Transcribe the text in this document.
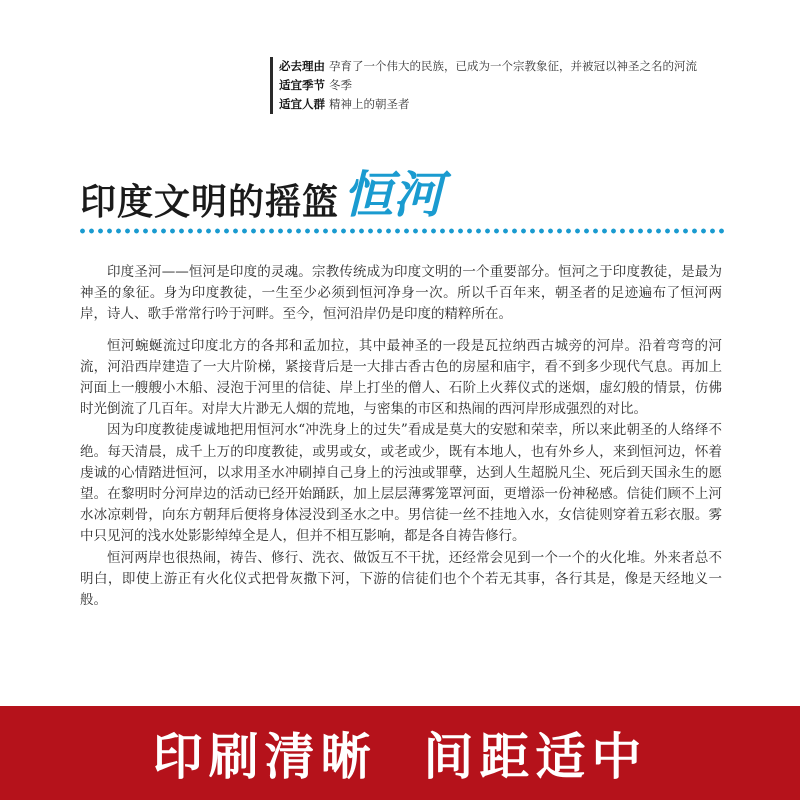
必去理由 孕育了一个伟大的民族，已成为一个宗教象征，并被冠以神圣之名的河流
适宜季节 冬季
适宜人群 精神上的朝圣者
印度文明的摇篮 恒河

印度圣河——恒河是印度的灵魂。宗教传统成为印度文明的一个重要部分。恒河之于印度教徒，是最为神圣的象征。身为印度教徒，一生至少必须到恒河净身一次。所以千百年来，朝圣者的足迹遍布了恒河两岸，诗人、歌手常常行吟于河畔。至今，恒河沿岸仍是印度的精粹所在。

恒河蜿蜒流过印度北方的各邦和孟加拉，其中最神圣的一段是瓦拉纳西古城旁的河岸。沿着弯弯的河流，河沿西岸建造了一大片阶梯，紧接背后是一大排古香古色的房屋和庙宇，看不到多少现代气息。再加上河面上一艘艘小木船、浸泡于河里的信徒、岸上打坐的僧人、石阶上火葬仪式的迷烟，虚幻般的情景，仿佛时光倒流了几百年。对岸大片渺无人烟的荒地，与密集的市区和热闹的西河岸形成强烈的对比。

因为印度教徒虔诚地把用恒河水“冲洗身上的过失”看成是莫大的安慰和荣幸，所以来此朝圣的人络绎不绝。每天清晨，成千上万的印度教徒，或男或女，或老或少，既有本地人，也有外乡人，来到恒河边，怀着虔诚的心情踏进恒河，以求用圣水冲刷掉自己身上的污浊或罪孽，达到人生超脱凡尘、死后到天国永生的愿望。在黎明时分河岸边的活动已经开始踊跃，加上层层薄雾笼罩河面，更增添一份神秘感。信徒们顾不上河水冰凉刺骨，向东方朝拜后便将身体浸没到圣水之中。男信徒一丝不挂地入水，女信徒则穿着五彩衣服。雾中只见河的浅水处影影绰绰全是人，但并不相互影响，都是各自祷告修行。

恒河两岸也很热闹，祷告、修行、洗衣、做饭互不干扰，还经常会见到一个一个的火化堆。外来者总不明白，即使上游正有火化仪式把骨灰撒下河，下游的信徒们也个个若无其事，各行其是，像是天经地义一般。

印刷清晰  间距适中
